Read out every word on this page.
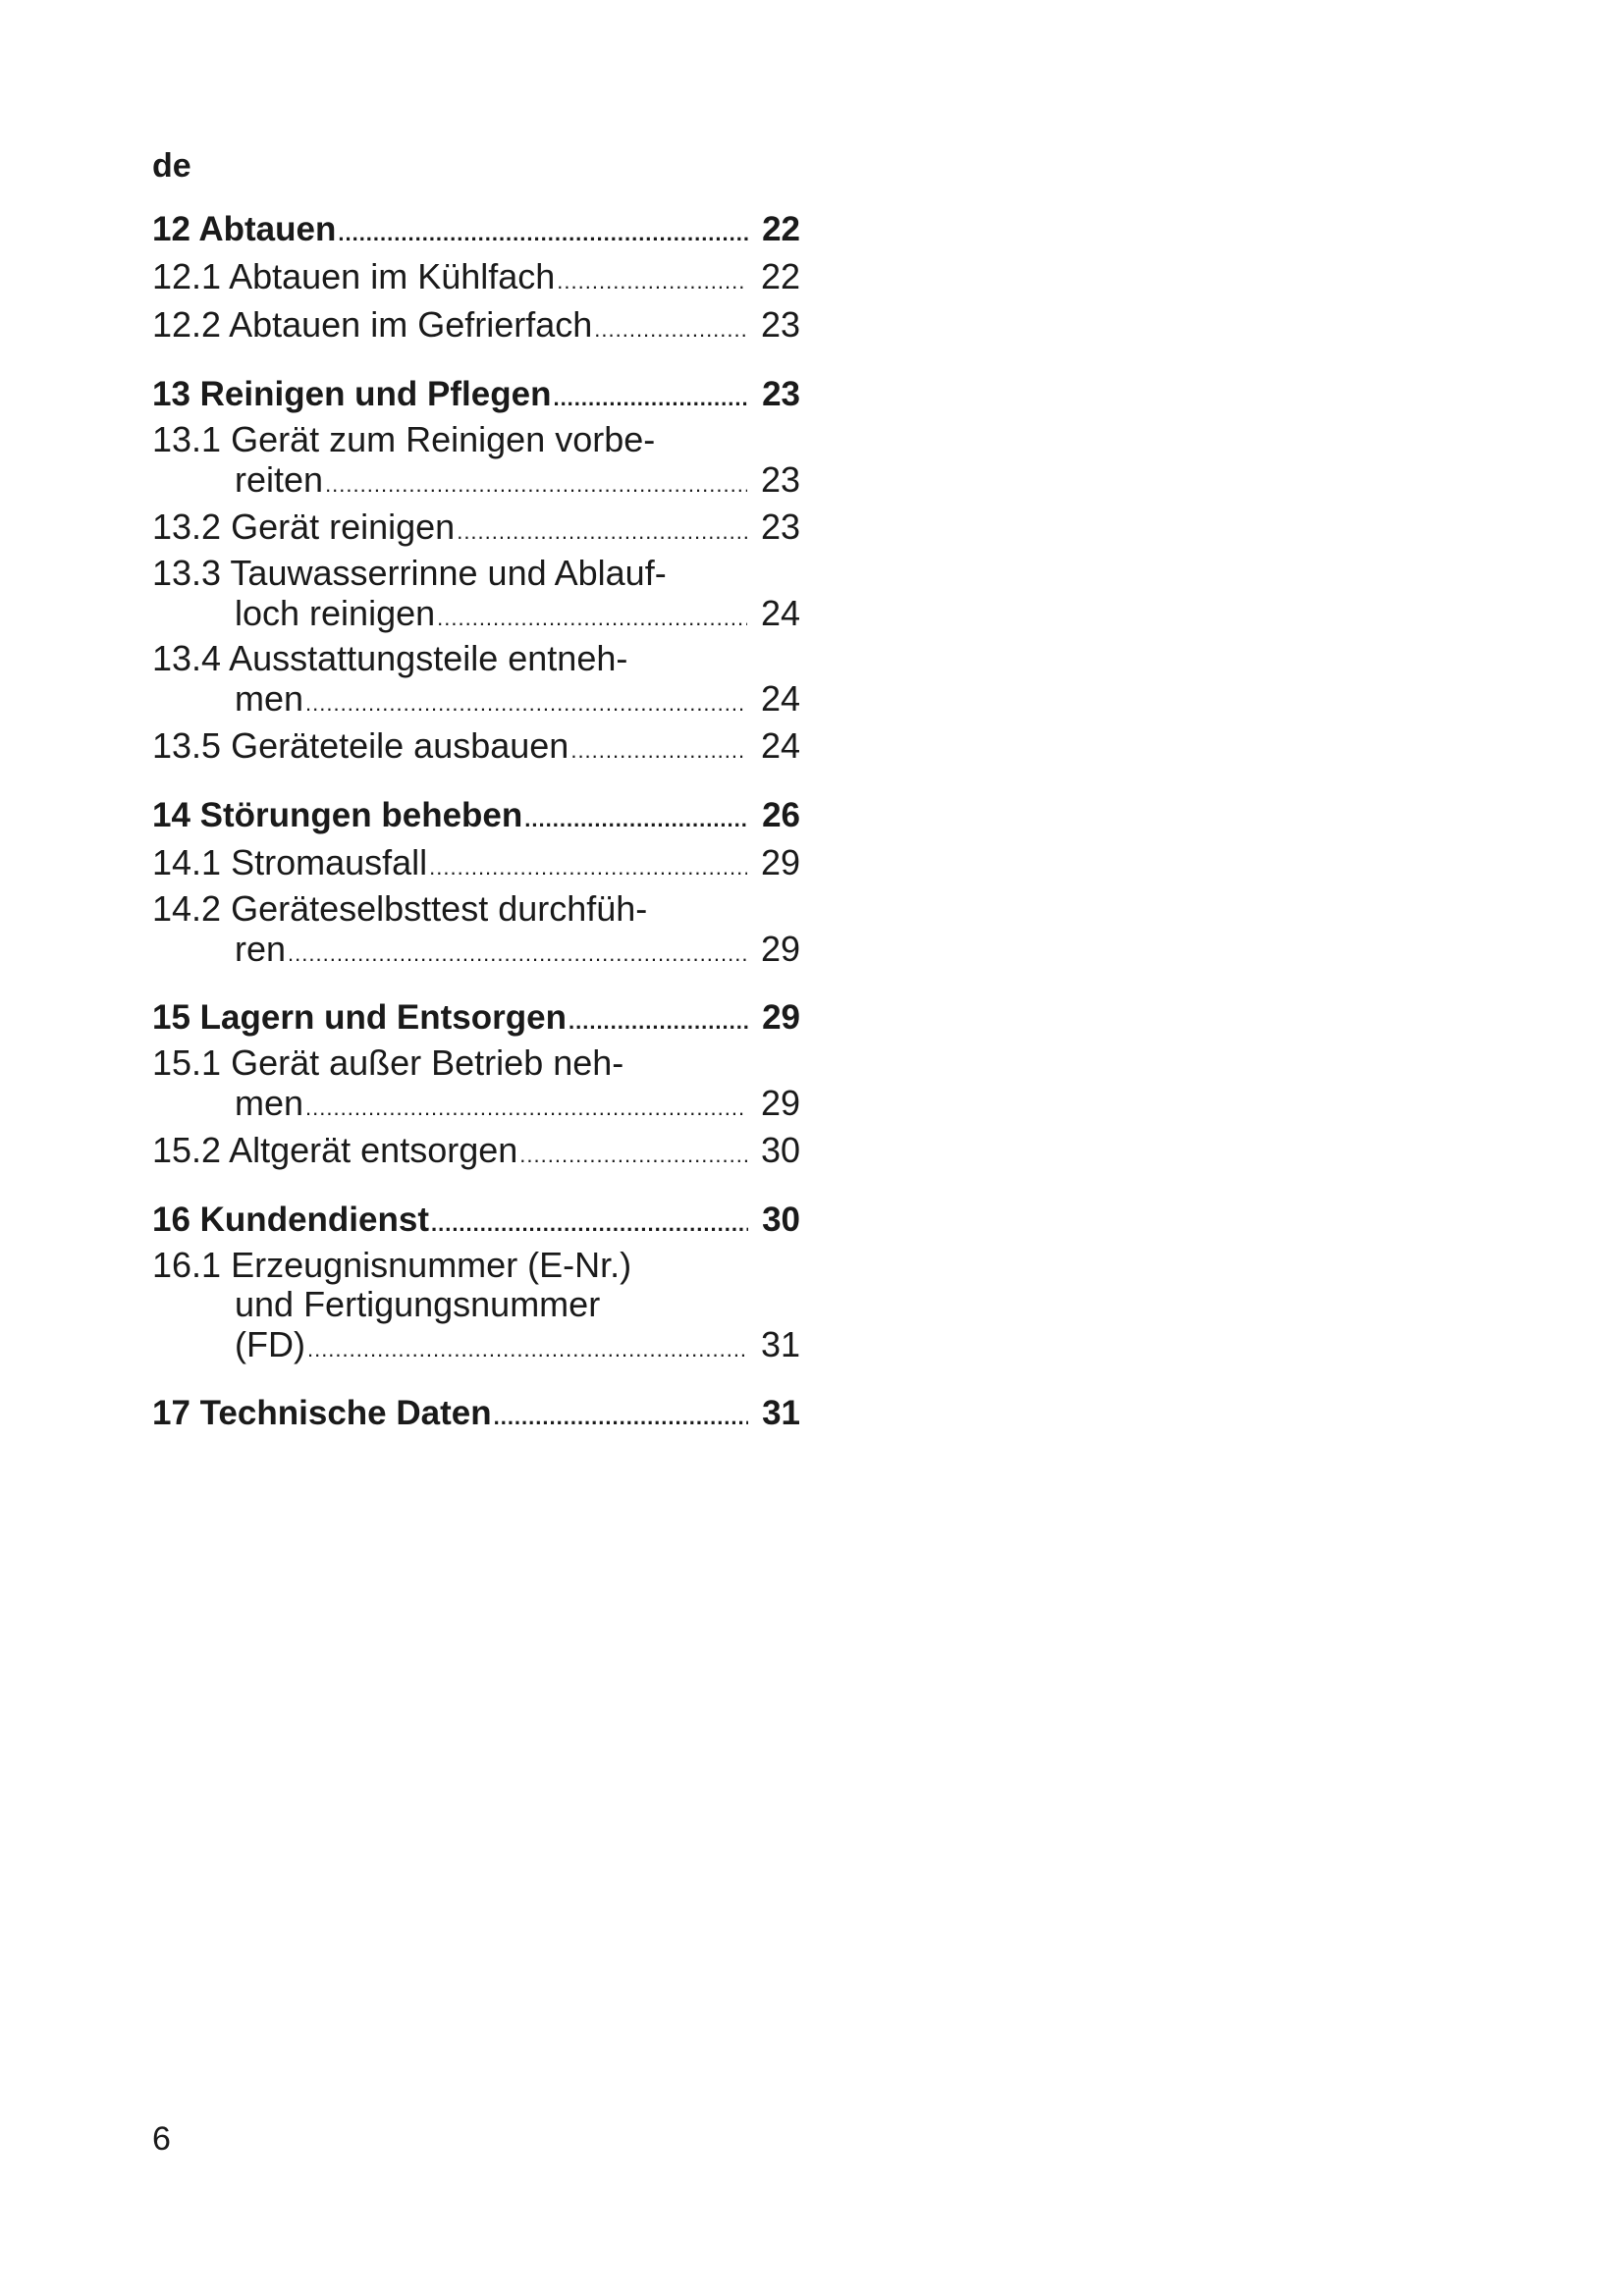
de

12 Abtauen .....	22
12.1 Abtauen im Kühlfach .....	22
12.2 Abtauen im Gefrierfach .....	23
13 Reinigen und Pflegen .....	23
13.1 Gerät zum Reinigen vorbe-
reiten .....	23
13.2 Gerät reinigen .....	23
13.3 Tauwasserrinne und Ablauf-
loch reinigen .....	24
13.4 Ausstattungsteile entneh-
men .....	24
13.5 Geräteteile ausbauen .....	24
14 Störungen beheben .....	26
14.1 Stromausfall .....	29
14.2 Geräteselbsttest durchfüh-
ren .....	29
15 Lagern und Entsorgen .....	29
15.1 Gerät außer Betrieb neh-
men .....	29
15.2 Altgerät entsorgen .....	30
16 Kundendienst .....	30
16.1 Erzeugnisnummer (E-Nr.)
und Fertigungsnummer
(FD) .....	31
17 Technische Daten .....	31

6
